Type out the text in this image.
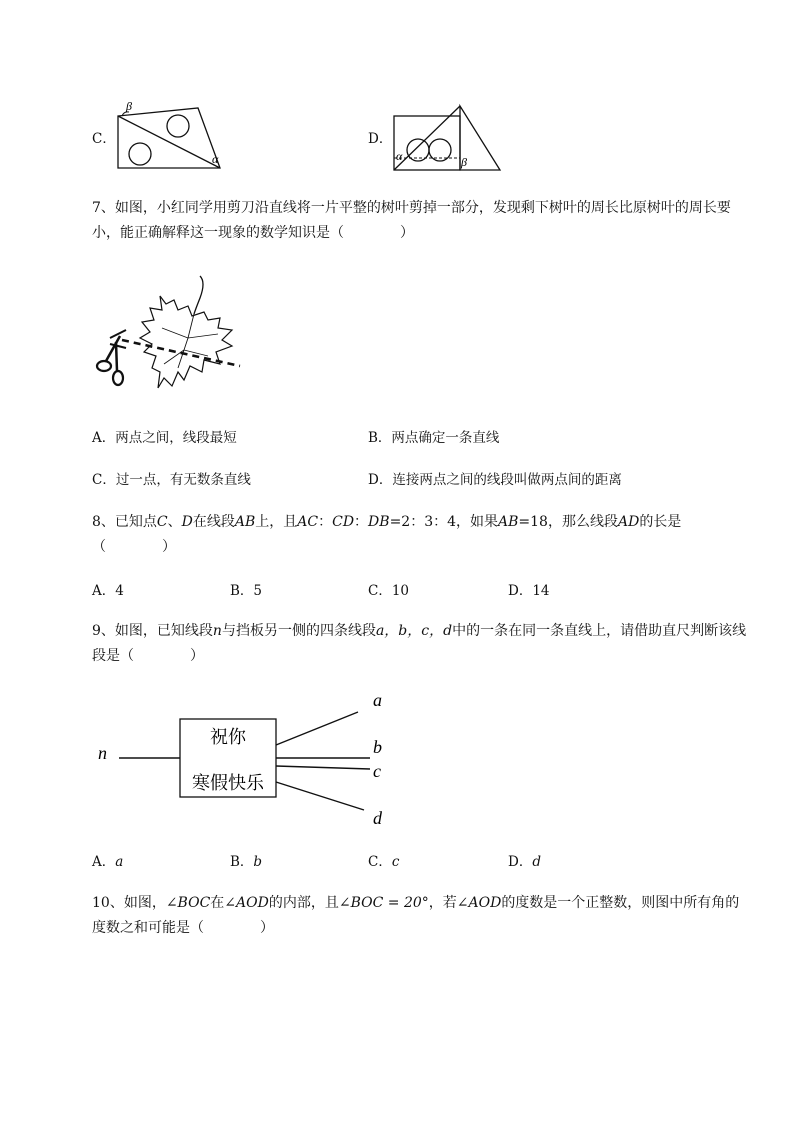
C．
β
α
D．
α	β
7、如图，小红同学用剪刀沿直线将一片平整的树叶剪掉一部分，发现剩下树叶的周长比原树叶的周长要小，能正确解释这一现象的数学知识是（　　　　）
A．两点之间，线段最短	B．两点确定一条直线
C．过一点，有无数条直线	D．连接两点之间的线段叫做两点间的距离
8、已知点C、D在线段AB上，且AC：CD：DB=2：3：4，如果AB=18，那么线段AD的长是
（　　　　）
A．4	B．5	C．10	D．14
9、如图，已知线段n与挡板另一侧的四条线段a，b，c，d中的一条在同一条直线上，请借助直尺判断该线段是（　　　　）
祝你
寒假快乐
n
a
b
c
d
A．a	B．b	C．c	D．d
10、如图，∠BOC在∠AOD的内部，且∠BOC = 20°，若∠AOD的度数是一个正整数，则图中所有角的度数之和可能是（　　　　）
